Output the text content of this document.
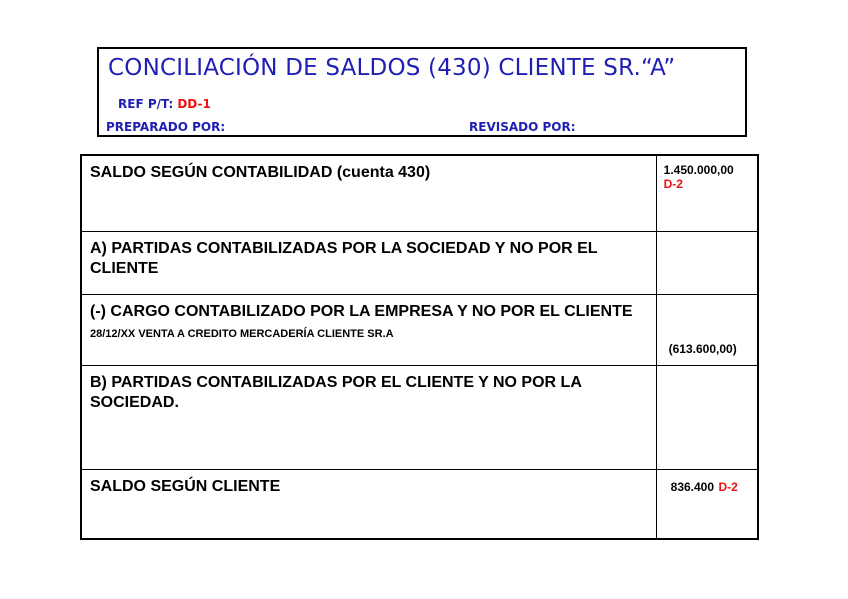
CONCILIACIÓN DE SALDOS (430) CLIENTE SR.“A”
REF P/T: DD-1
PREPARADO POR:	REVISADO POR:
SALDO SEGÚN CONTABILIDAD (cuenta 430)	1.450.000,00
D-2

A) PARTIDAS CONTABILIZADAS POR LA SOCIEDAD Y NO POR EL CLIENTE	

(-) CARGO CONTABILIZADO POR LA EMPRESA Y NO POR EL CLIENTE
28/12/XX VENTA A CREDITO MERCADERÍA CLIENTE SR.A	(613.600,00)

B) PARTIDAS CONTABILIZADAS POR EL CLIENTE Y NO POR LA SOCIEDAD.	

SALDO SEGÚN CLIENTE	836.400 D-2
